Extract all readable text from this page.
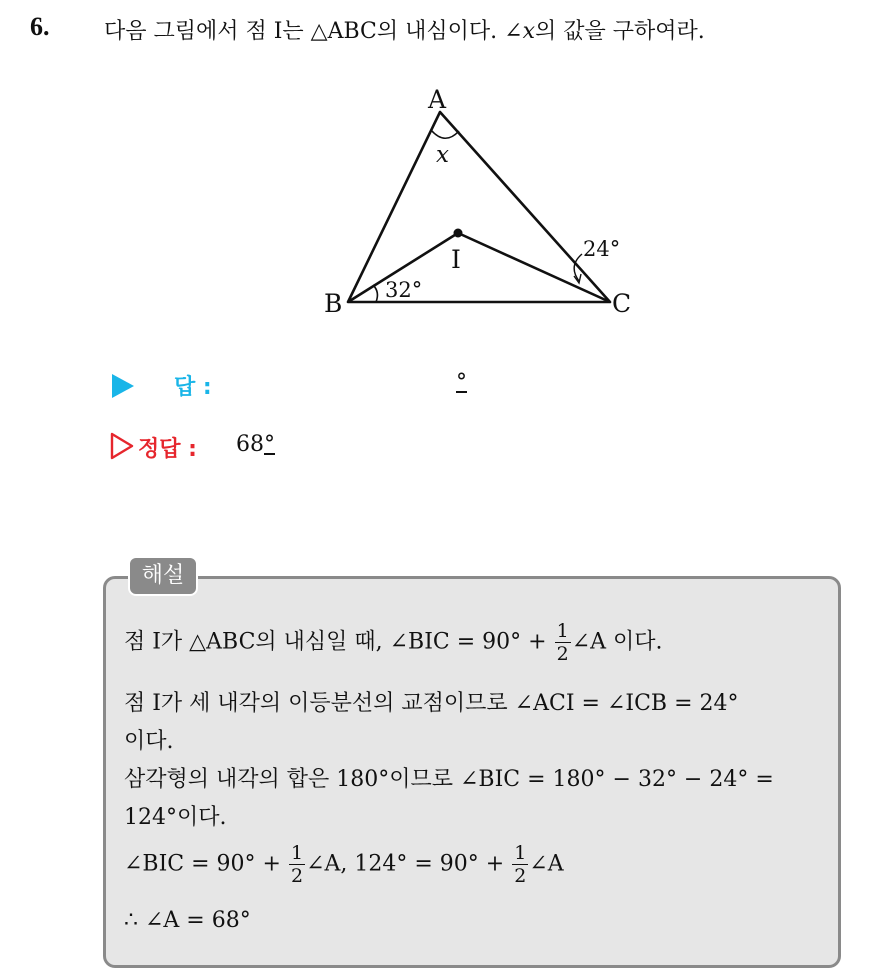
6. 다음 그림에서 점 I는 △ABC의 내심이다. ∠x의 값을 구하여라.
A
B	C
I
x
32°
24°
답 :	°
정답 : 68°
해설
점 I가 △ABC의 내심일 때, ∠BIC = $90^\circ + \frac{1}{2}$ ∠A 이다.
점 I가 세 내각의 이등분선의 교점이므로 ∠ACI = ∠ICB = 24°
이다.
삼각형의 내각의 합은 180°이므로 ∠BIC = 180° − 32° − 24° =
124°이다.
∠BIC = $90^\circ + \frac{1}{2}$ ∠A, $124^\circ = 90^\circ + \frac{1}{2}$ ∠A
∴ ∠A = 68°
